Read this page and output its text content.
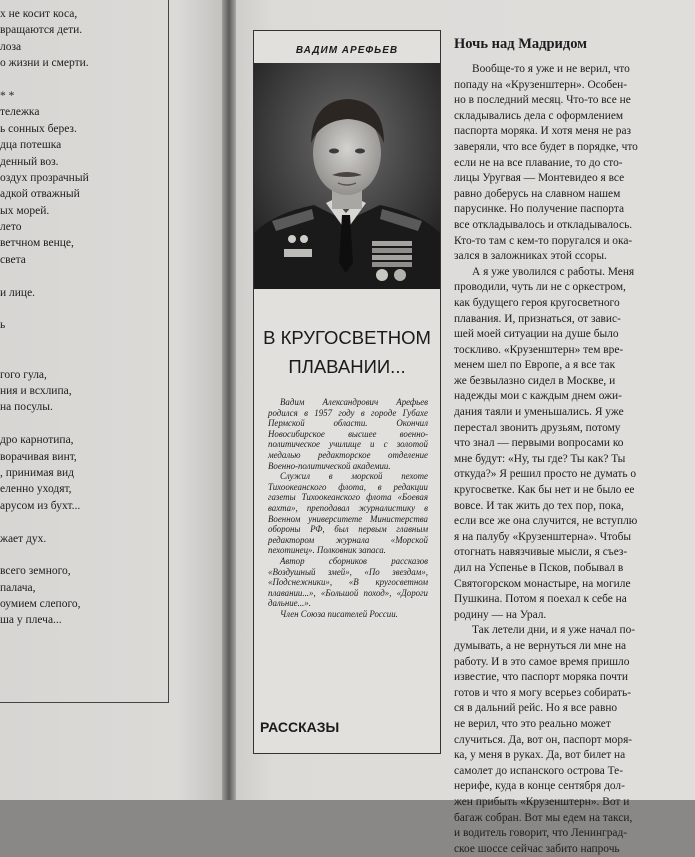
х не косит коса,
вращаются дети.
лоза
о жизни и смерти.
* *
тележка
ь сонных берез.
дца потешка
денный воз.
оздух прозрачный
адкой отважный
ых морей.
лето
ветчном венце,
света
и лице.
ь
гого гула,
ния и всхлипа,
на посулы.
дро карнотипа,
ворачивая винт,
, принимая вид
еленно уходят,
арусом из бухт...
жает дух.
всего земного,
палача,
оумием слепого,
ша у плеча...
ВАДИМ АРЕФЬЕВ
В КРУГОСВЕТНОМ
ПЛАВАНИИ...

Вадим Александрович Арефьев родился в 1957 году в городе Губахе Пермской области. Окончил Новосибирское высшее военно-политическое училище и с золотой медалью редакторское отделение Военно-политической академии.

Служил в морской пехоте Тихоокеанского флота, в редакции газеты Тихоокеанского флота «Боевая вахта», преподавал журналистику в Военном университете Министерства обороны РФ, был первым главным редактором журнала «Морской пехотинец». Полковник запаса.

Автор сборников рассказов «Воздушный змей», «По звездам», «Подснежники», «В кругосветном плавании...», «Большой поход», «Дороги дальние...».

Член Союза писателей России.

РАССКАЗЫ
Ночь над Мадридом
Вообще-то я уже и не верил, что
попаду на «Крузенштерн». Особен-
но в последний месяц. Что-то все не
складывались дела с оформлением
паспорта моряка. И хотя меня не раз
заверяли, что все будет в порядке, что
если не на все плавание, то до сто-
лицы Уругвая — Монтевидео я все
равно доберусь на славном нашем
парусинке. Но получение паспорта
все откладывалось и откладывалось.
Кто-то там с кем-то поругался и ока-
зался в заложниках этой ссоры.
А я уже уволился с работы. Меня
проводили, чуть ли не с оркестром,
как будущего героя кругосветного
плавания. И, признаться, от завис-
шей моей ситуации на душе было
тоскливо. «Крузенштерн» тем вре-
менем шел по Европе, а я все так
же безвылазно сидел в Москве, и
надежды мои с каждым днем ожи-
дания таяли и уменьшались. Я уже
перестал звонить друзьям, потому
что знал — первыми вопросами ко
мне будут: «Ну, ты где? Ты как? Ты
откуда?» Я решил просто не думать о
кругосветке. Как бы нет и не было ее
вовсе. И так жить до тех пор, пока,
если все же она случится, не вступлю
я на палубу «Крузенштерна». Чтобы
отогнать навязчивые мысли, я съез-
дил на Успенье в Псков, побывал в
Святогорском монастыре, на могиле
Пушкина. Потом я поехал к себе на
родину — на Урал.
Так летели дни, и я уже начал по-
думывать, а не вернуться ли мне на
работу. И в это самое время пришло
известие, что паспорт моряка почти
готов и что я могу всерьез собирать-
ся в дальний рейс. Но я все равно
не верил, что это реально может
случиться. Да, вот он, паспорт моря-
ка, у меня в руках. Да, вот билет на
самолет до испанского острова Те-
нерифе, куда в конце сентября дол-
жен прибыть «Крузенштерн». Вот и
багаж собран. Вот мы едем на такси,
и водитель говорит, что Ленинград-
ское шоссе сейчас забито напрочь
